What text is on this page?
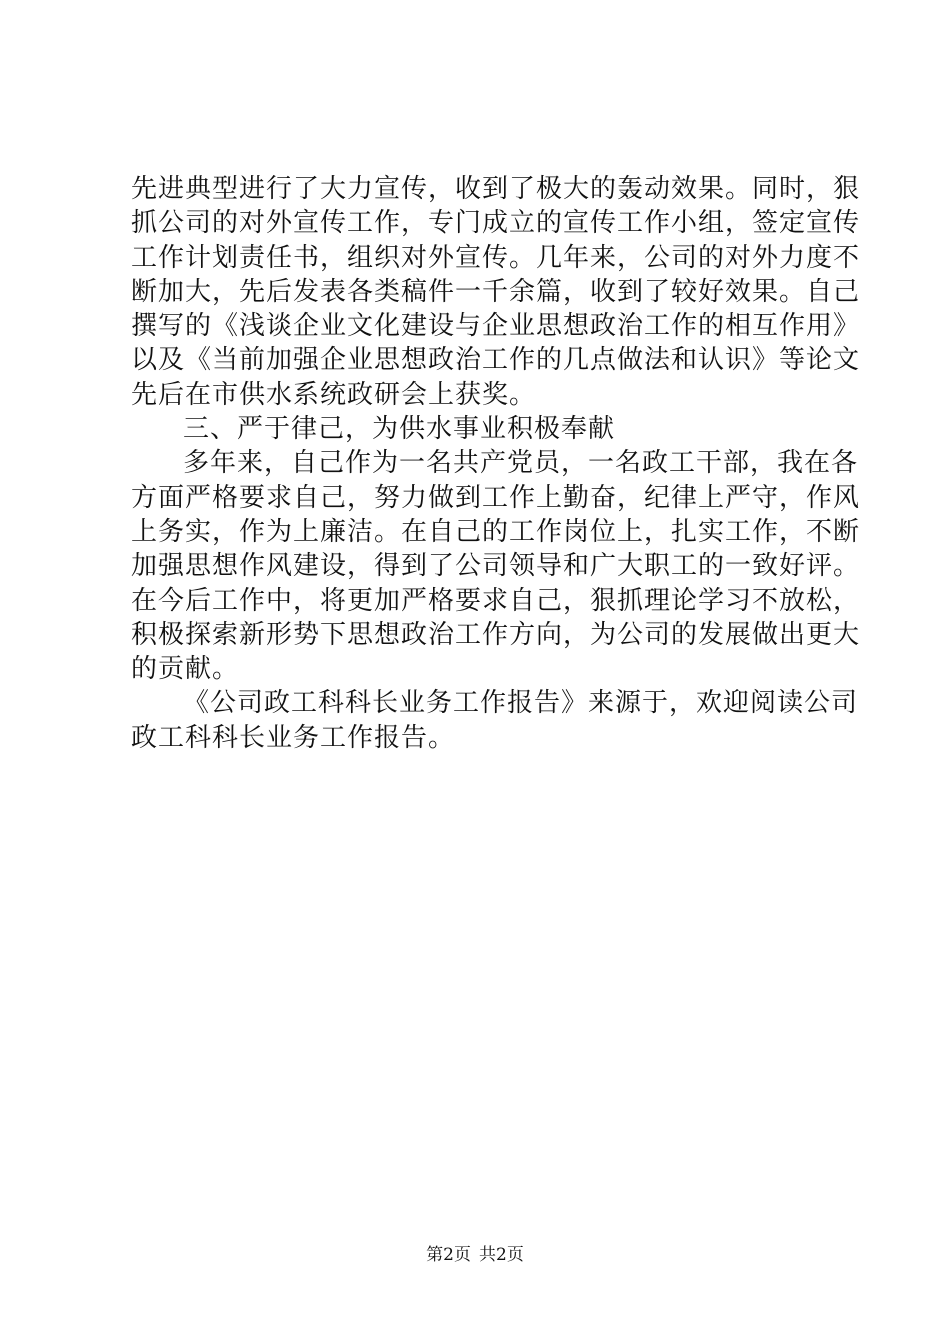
先进典型进行了大力宣传，收到了极大的轰动效果。同时，狠
抓公司的对外宣传工作，专门成立的宣传工作小组，签定宣传
工作计划责任书，组织对外宣传。几年来，公司的对外力度不
断加大，先后发表各类稿件一千余篇，收到了较好效果。自己
撰写的《浅谈企业文化建设与企业思想政治工作的相互作用》
以及《当前加强企业思想政治工作的几点做法和认识》等论文
先后在市供水系统政研会上获奖。
三、严于律己，为供水事业积极奉献
多年来，自己作为一名共产党员，一名政工干部，我在各
方面严格要求自己，努力做到工作上勤奋，纪律上严守，作风
上务实，作为上廉洁。在自己的工作岗位上，扎实工作，不断
加强思想作风建设，得到了公司领导和广大职工的一致好评。
在今后工作中，将更加严格要求自己，狠抓理论学习不放松，
积极探索新形势下思想政治工作方向，为公司的发展做出更大
的贡献。
《公司政工科科长业务工作报告》来源于，欢迎阅读公司
政工科科长业务工作报告。
第2页 共2页
